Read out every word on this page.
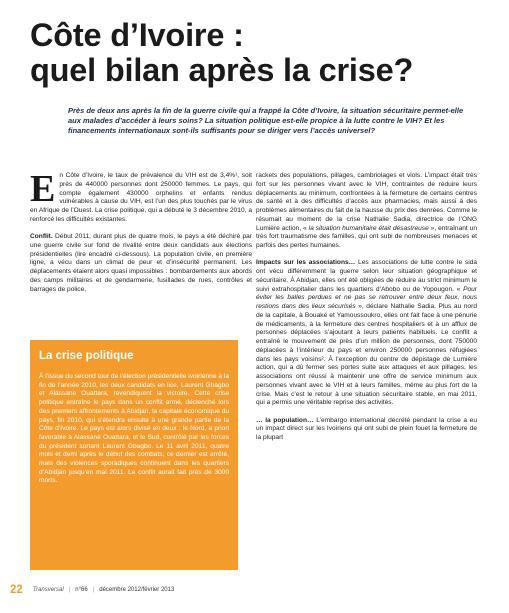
Côte d’Ivoire :
quel bilan après la crise?

Près de deux ans après la fin de la guerre civile qui a frappé la Côte d’Ivoire, la situation sécuritaire permet-elle aux malades d’accéder à leurs soins? La situation politique est-elle propice à la lutte contre le VIH? Et les financements internationaux sont-ils suffisants pour se diriger vers l’accès universel?

En Côte d’Ivoire, le taux de prévalence du VIH est de 3,4%¹, soit près de 440000 personnes dont 250000 femmes. Le pays, qui compte également 430000 orphelins et enfants rendus vulnérables à cause du VIH, est l’un des plus touchés par le virus en Afrique de l’Ouest. La crise politique, qui a débuté le 3 décembre 2010, a renforcé les difficultés existantes.

Conflit. Début 2011, durant plus de quatre mois, le pays a été déchiré par une guerre civile sur fond de rivalité entre deux candidats aux élections présidentielles (lire encadré ci-dessous). La population civile, en première ligne, a vécu dans un climat de peur et d’insécurité permanent. Les déplacements étaient alors quasi impossibles : bombardements aux abords des camps militaires et de gendarmerie, fusillades de rues, contrôles et barrages de police,

La crise politique
À l’issue du second tour de l’élection présidentielle ivoirienne à la fin de l’année 2010, les deux candidats en lice, Laurent Gbagbo et Alassane Ouattara, revendiquent la victoire. Cette crise politique entraîne le pays dans un conflit armé, déclenché lors des premiers affrontements à Abidjan, la capitale économique du pays, fin 2010, qui s’étendra ensuite à une grande partie de la Côte d’Ivoire. Le pays est alors divisé en deux : le Nord, a priori favorable à Alassane Ouattara, et le Sud, contrôlé par les forces du président sortant Laurent Gbagbo. Le 11 avril 2011, quatre mois et demi après le début des combats, ce dernier est arrêté, mais des violences sporadiques continuent dans les quartiers d’Abidjan jusqu’en mai 2011. Le conflit aurait fait près de 3000 morts.

rackets des populations, pillages, cambriolages et viols. L’impact était très fort sur les personnes vivant avec le VIH, contraintes de réduire leurs déplacements au minimum, confrontées à la fermeture de certains centres de santé et à des difficultés d’accès aux pharmacies, mais aussi à des problèmes alimentaires du fait de la hausse du prix des denrées. Comme le résumait au moment de la crise Nathalie Sadia, directrice de l’ONG Lumière action, « la situation humanitaire était désastreuse », entraînant un très fort traumatisme des familles, qui ont subi de nombreuses menaces et parfois des pertes humaines.

Impacts sur les associations… Les associations de lutte contre le sida ont vécu différemment la guerre selon leur situation géographique et sécuritaire. À Abidjan, elles ont été obligées de réduire au strict minimum le suivi extrahospitalier dans les quartiers d’Abobo ou de Yopougon. « Pour éviter les balles perdues et ne pas se retrouver entre deux feux, nous restions dans des lieux sécurisés », déclare Nathalie Sadia. Plus au nord de la capitale, à Bouaké et Yamoussoukro, elles ont fait face à une pénurie de médicaments, à la fermeture des centres hospitaliers et à un afflux de personnes déplacées s’ajoutant à leurs patients habituels. Le conflit a entraîné le mouvement de près d’un million de personnes, dont 750000 déplacées à l’intérieur du pays et environ 250000 personnes réfugiées dans les pays voisins². À l’exception du centre de dépistage de Lumière action, qui a dû fermer ses portes suite aux attaques et aux pillages, les associations ont réussi à maintenir une offre de service minimum aux personnes vivant avec le VIH et à leurs familles, même au plus fort de la crise. Mais c’est le retour à une situation sécuritaire stable, en mai 2011, qui a permis une véritable reprise des activités.

… la population… L’embargo international décrété pendant la crise a eu un impact direct sur les Ivoiriens qui ont subi de plein fouet la fermeture de la plupart

22 Transversal | n°66 | décembre 2012/février 2013
